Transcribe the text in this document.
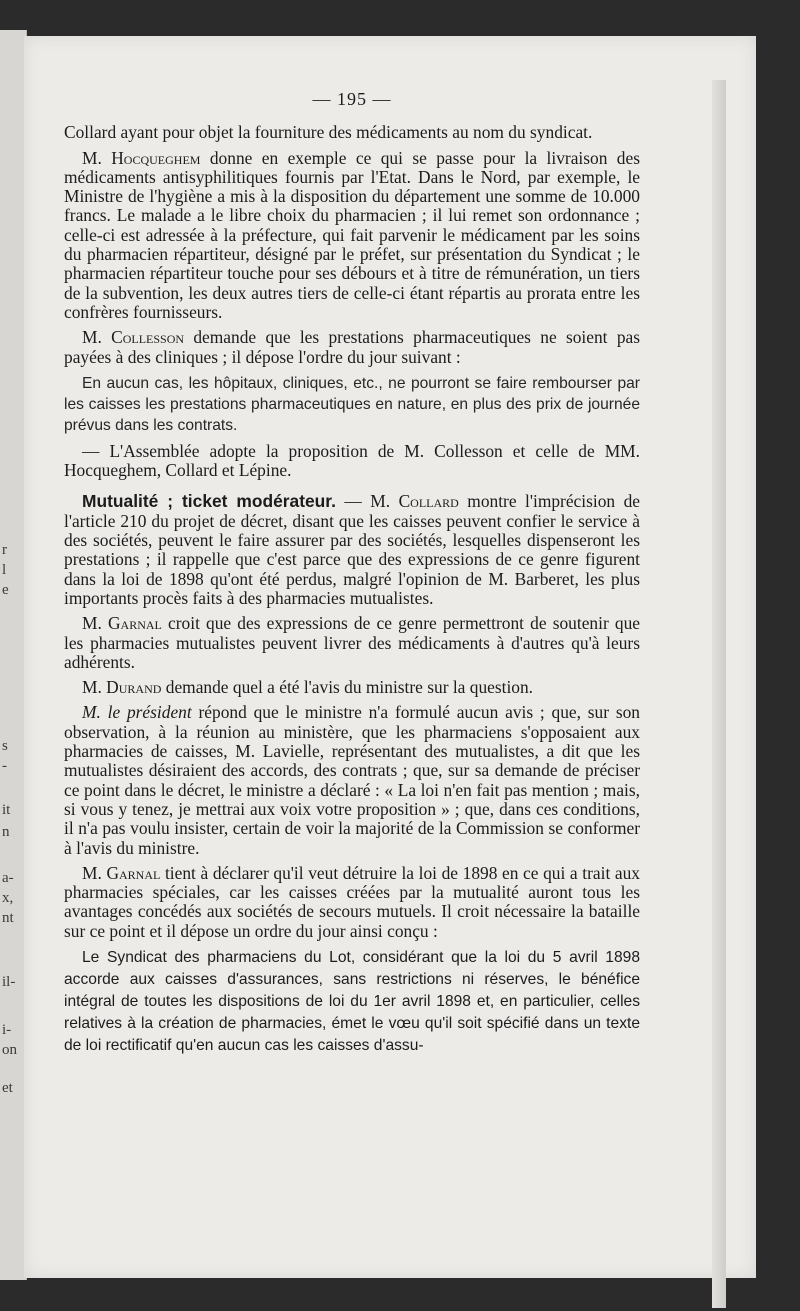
r
l
e
s
-
it
n
a-
x,
nt
il-
i-
on
et
— 195 —

Collard ayant pour objet la fourniture des médicaments au nom du syndicat.

M. Hocqueghem donne en exemple ce qui se passe pour la livraison des médicaments antisyphilitiques fournis par l'Etat. Dans le Nord, par exemple, le Ministre de l'hygiène a mis à la disposition du département une somme de 10.000 francs. Le malade a le libre choix du pharmacien ; il lui remet son ordonnance ; celle-ci est adressée à la préfecture, qui fait parvenir le médicament par les soins du pharmacien répartiteur, désigné par le préfet, sur présentation du Syndicat ; le pharmacien répartiteur touche pour ses débours et à titre de rémunération, un tiers de la subvention, les deux autres tiers de celle-ci étant répartis au prorata entre les confrères fournisseurs.

M. Collesson demande que les prestations pharmaceutiques ne soient pas payées à des cliniques ; il dépose l'ordre du jour suivant :

En aucun cas, les hôpitaux, cliniques, etc., ne pourront se faire rembourser par les caisses les prestations pharmaceutiques en nature, en plus des prix de journée prévus dans les contrats.

— L'Assemblée adopte la proposition de M. Collesson et celle de MM. Hocqueghem, Collard et Lépine.

Mutualité ; ticket modérateur. — M. Collard montre l'imprécision de l'article 210 du projet de décret, disant que les caisses peuvent confier le service à des sociétés, peuvent le faire assurer par des sociétés, lesquelles dispenseront les prestations ; il rappelle que c'est parce que des expressions de ce genre figurent dans la loi de 1898 qu'ont été perdus, malgré l'opinion de M. Barberet, les plus importants procès faits à des pharmacies mutualistes.

M. Garnal croit que des expressions de ce genre permettront de soutenir que les pharmacies mutualistes peuvent livrer des médicaments à d'autres qu'à leurs adhérents.

M. Durand demande quel a été l'avis du ministre sur la question.

M. le président répond que le ministre n'a formulé aucun avis ; que, sur son observation, à la réunion au ministère, que les pharmaciens s'opposaient aux pharmacies de caisses, M. Lavielle, représentant des mutualistes, a dit que les mutualistes désiraient des accords, des contrats ; que, sur sa demande de préciser ce point dans le décret, le ministre a déclaré : « La loi n'en fait pas mention ; mais, si vous y tenez, je mettrai aux voix votre proposition » ; que, dans ces conditions, il n'a pas voulu insister, certain de voir la majorité de la Commission se conformer à l'avis du ministre.

M. Garnal tient à déclarer qu'il veut détruire la loi de 1898 en ce qui a trait aux pharmacies spéciales, car les caisses créées par la mutualité auront tous les avantages concédés aux sociétés de secours mutuels. Il croit nécessaire la bataille sur ce point et il dépose un ordre du jour ainsi conçu :

Le Syndicat des pharmaciens du Lot, considérant que la loi du 5 avril 1898 accorde aux caisses d'assurances, sans restrictions ni réserves, le bénéfice intégral de toutes les dispositions de loi du 1er avril 1898 et, en particulier, celles relatives à la création de pharmacies, émet le vœu qu'il soit spécifié dans un texte de loi rectificatif qu'en aucun cas les caisses d'assu-
